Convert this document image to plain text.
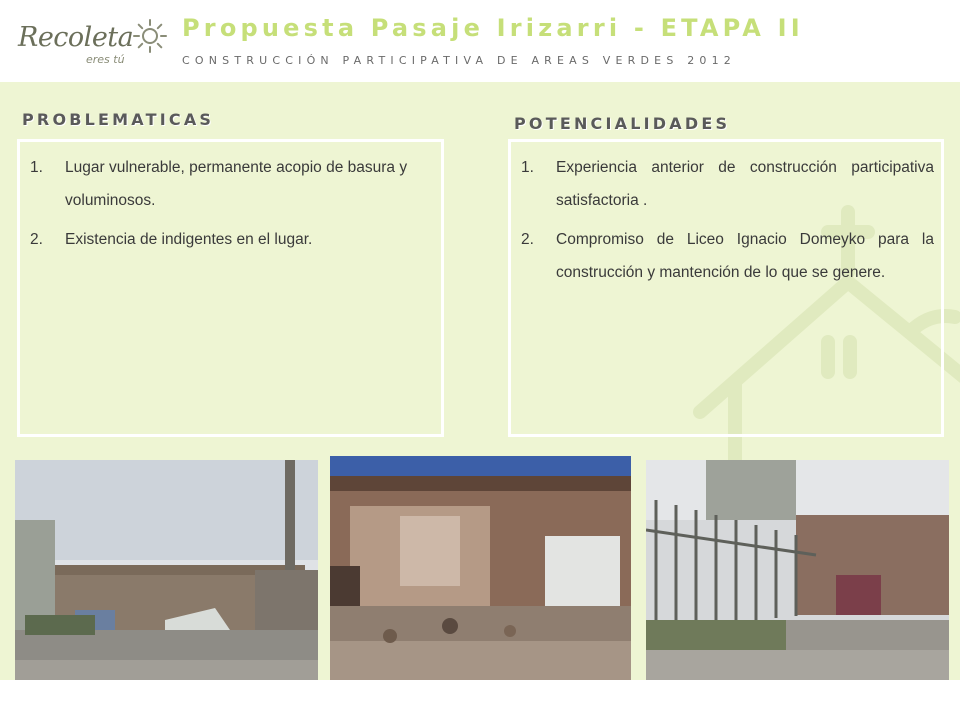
Recoleta
eres tú
Propuesta Pasaje Irizarri - ETAPA II
CONSTRUCCIÓN PARTICIPATIVA DE AREAS VERDES 2012
PROBLEMATICAS	POTENCIALIDADES
1. Lugar vulnerable, permanente acopio de basura y voluminosos.
2. Existencia de indigentes en el lugar.
1. Experiencia anterior de construcción participativa satisfactoria .
2. Compromiso de Liceo Ignacio Domeyko para la construcción y mantención de lo que se genere.
